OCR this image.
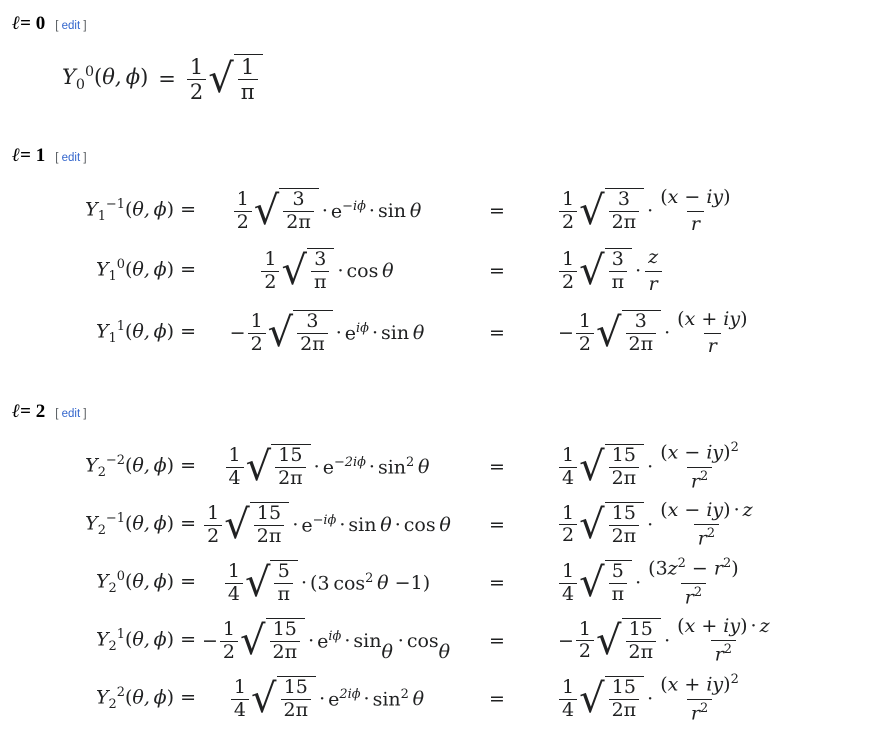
ℓ= 0 [ edit ]
$Y_0^0(\theta$, $\phi) = \frac{1}{2}$ √ $\frac{1}{\pi}$
ℓ= 1 [ edit ]
$Y_1^{-1}(\theta$, $\phi) = \frac{1}{2}$ √ $\frac{3}{2\pi} \cdot e^{-i\phi} \cdot \sin \theta$	=	$\frac{1}{2}$ √ $\frac{3}{2\pi} \cdot \frac{(x - iy)}{r}$
$Y_1^0(\theta$, ϕ) =	$\frac{1}{2}$ √ $\frac{3}{\pi} \cdot \cos \theta$	=	$\frac{1}{2}$ √ $\frac{3}{\pi} \cdot \frac{z}{r}$
$Y_1^1(\theta$, ϕ) = − $\frac{1}{2}$ √ $\frac{3}{2\pi} \cdot e^{i\phi} \cdot \sin \theta$	=	− $\frac{1}{2}$ √ $\frac{3}{2\pi} \cdot \frac{(x + iy)}{r}$
ℓ= 2 [ edit ]
$Y_2^{-2}(\theta$, $\phi) = \frac{1}{4}$ √ $\frac{15}{2\pi} \cdot e^{-2i\phi} \cdot \sin^2 \theta$	=	$\frac{1}{4}$ √ $\frac{15}{2\pi} \cdot \frac{(x - iy)^2}{r^2}$
$Y_2^{-1}(\theta$, $\phi) = \frac{1}{2}$ √ $\frac{15}{2\pi} \cdot e^{-i\phi} \cdot \sin \theta \cdot \cos \theta$ =	$\frac{1}{2}$ √ $\frac{15}{2\pi} \cdot \frac{(x - iy) \cdot z}{r^2}$
$Y_2^0(\theta$, $\phi) = \frac{1}{4}$ √ $\frac{5}{\pi}$ · ( 3 $\cos^2 \theta - 1$ )	=	$\frac{1}{4}$ √ $\frac{5}{\pi} \cdot \frac{(3z^2 - r^2)}{r^2}$
$Y_2^1(\theta$, ϕ) = − $\frac{1}{2}$ √ $\frac{15}{2\pi} \cdot e^{i\phi} \cdot \sin \theta \cdot \cos \theta$ =	− $\frac{1}{2}$ √ $\frac{15}{2\pi} \cdot \frac{(x + iy) \cdot z}{r^2}$
$Y_2^2(\theta$, $\phi) = \frac{1}{4}$ √ $\frac{15}{2\pi} \cdot e^{2i\phi} \cdot \sin^2 \theta$	=	$\frac{1}{4}$ √ $\frac{15}{2\pi} \cdot \frac{(x + iy)^2}{r^2}$
